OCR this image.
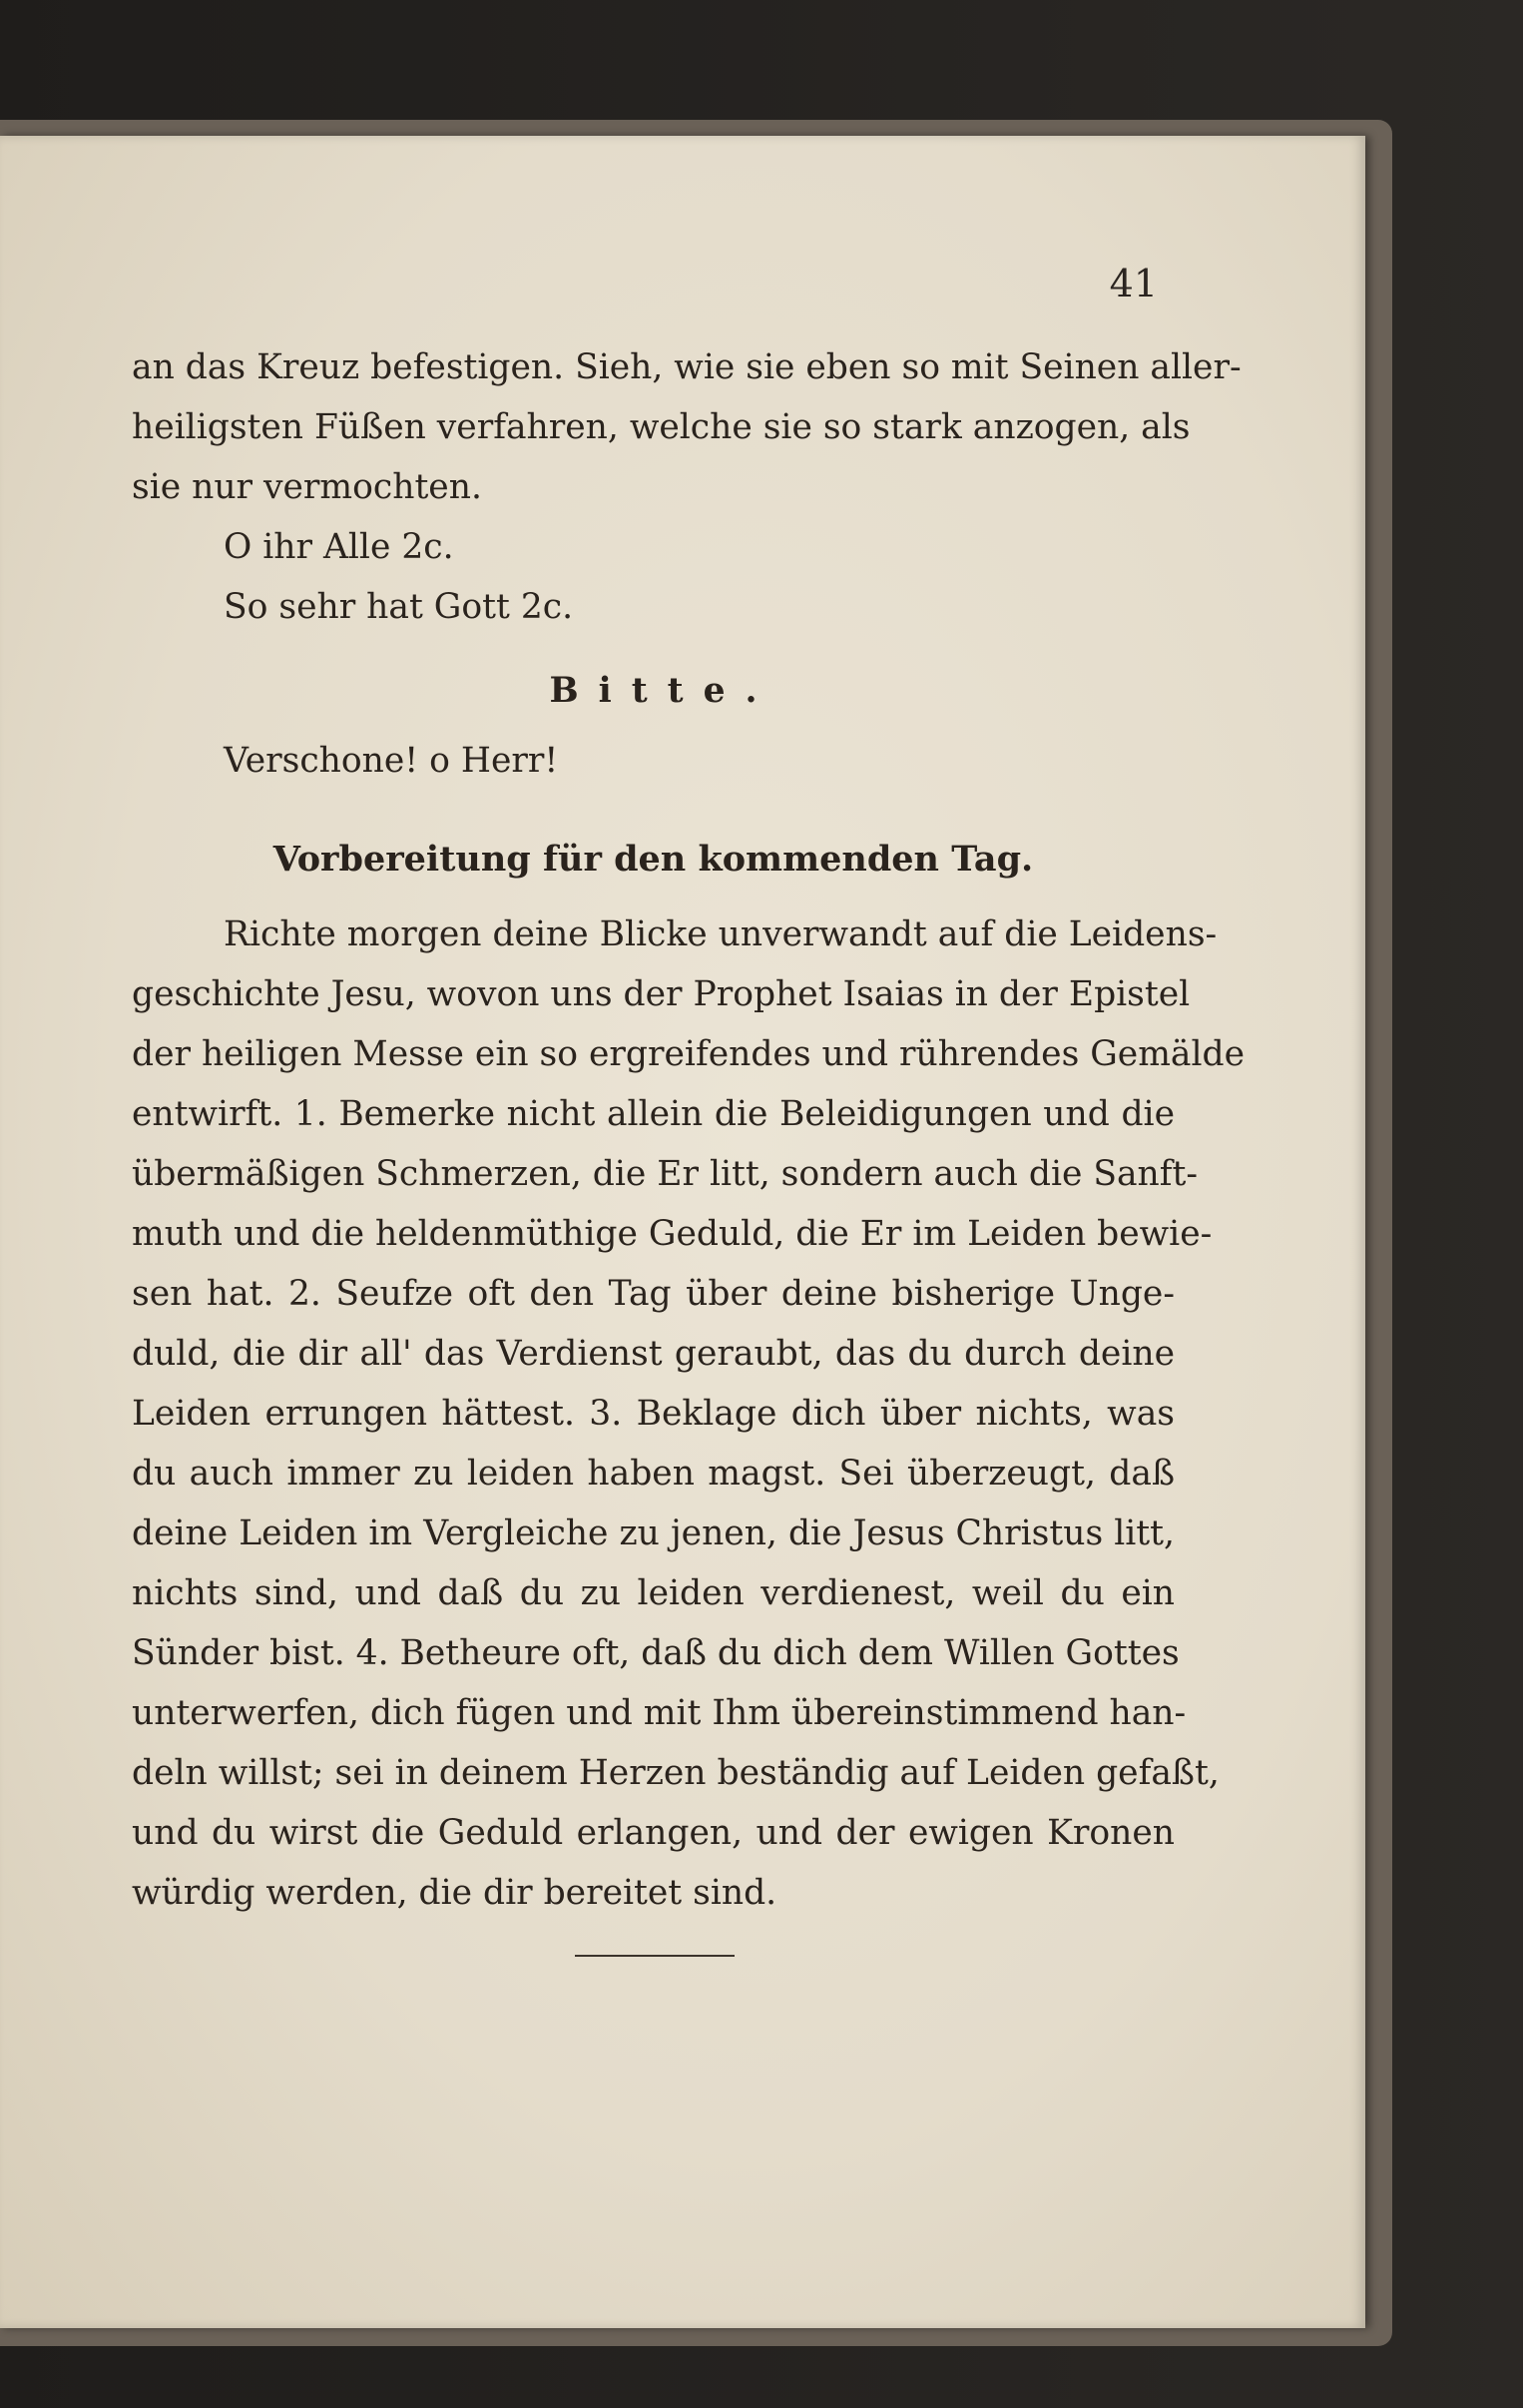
41
an das Kreuz befestigen. Sieh, wie sie eben so mit Seinen aller-
heiligsten Füßen verfahren, welche sie so stark anzogen, als
sie nur vermochten.
O ihr Alle 2c.
So sehr hat Gott 2c.
Bitte.
Verschone! o Herr!
Vorbereitung für den kommenden Tag.
Richte morgen deine Blicke unverwandt auf die Leidens-
geschichte Jesu, wovon uns der Prophet Isaias in der Epistel
der heiligen Messe ein so ergreifendes und rührendes Gemälde
entwirft. 1. Bemerke nicht allein die Beleidigungen und die
übermäßigen Schmerzen, die Er litt, sondern auch die Sanft-
muth und die heldenmüthige Geduld, die Er im Leiden bewie-
sen hat. 2. Seufze oft den Tag über deine bisherige Unge-
duld, die dir all' das Verdienst geraubt, das du durch deine
Leiden errungen hättest. 3. Beklage dich über nichts, was
du auch immer zu leiden haben magst. Sei überzeugt, daß
deine Leiden im Vergleiche zu jenen, die Jesus Christus litt,
nichts sind, und daß du zu leiden verdienest, weil du ein
Sünder bist. 4. Betheure oft, daß du dich dem Willen Gottes
unterwerfen, dich fügen und mit Ihm übereinstimmend han-
deln willst; sei in deinem Herzen beständig auf Leiden gefaßt,
und du wirst die Geduld erlangen, und der ewigen Kronen
würdig werden, die dir bereitet sind.
